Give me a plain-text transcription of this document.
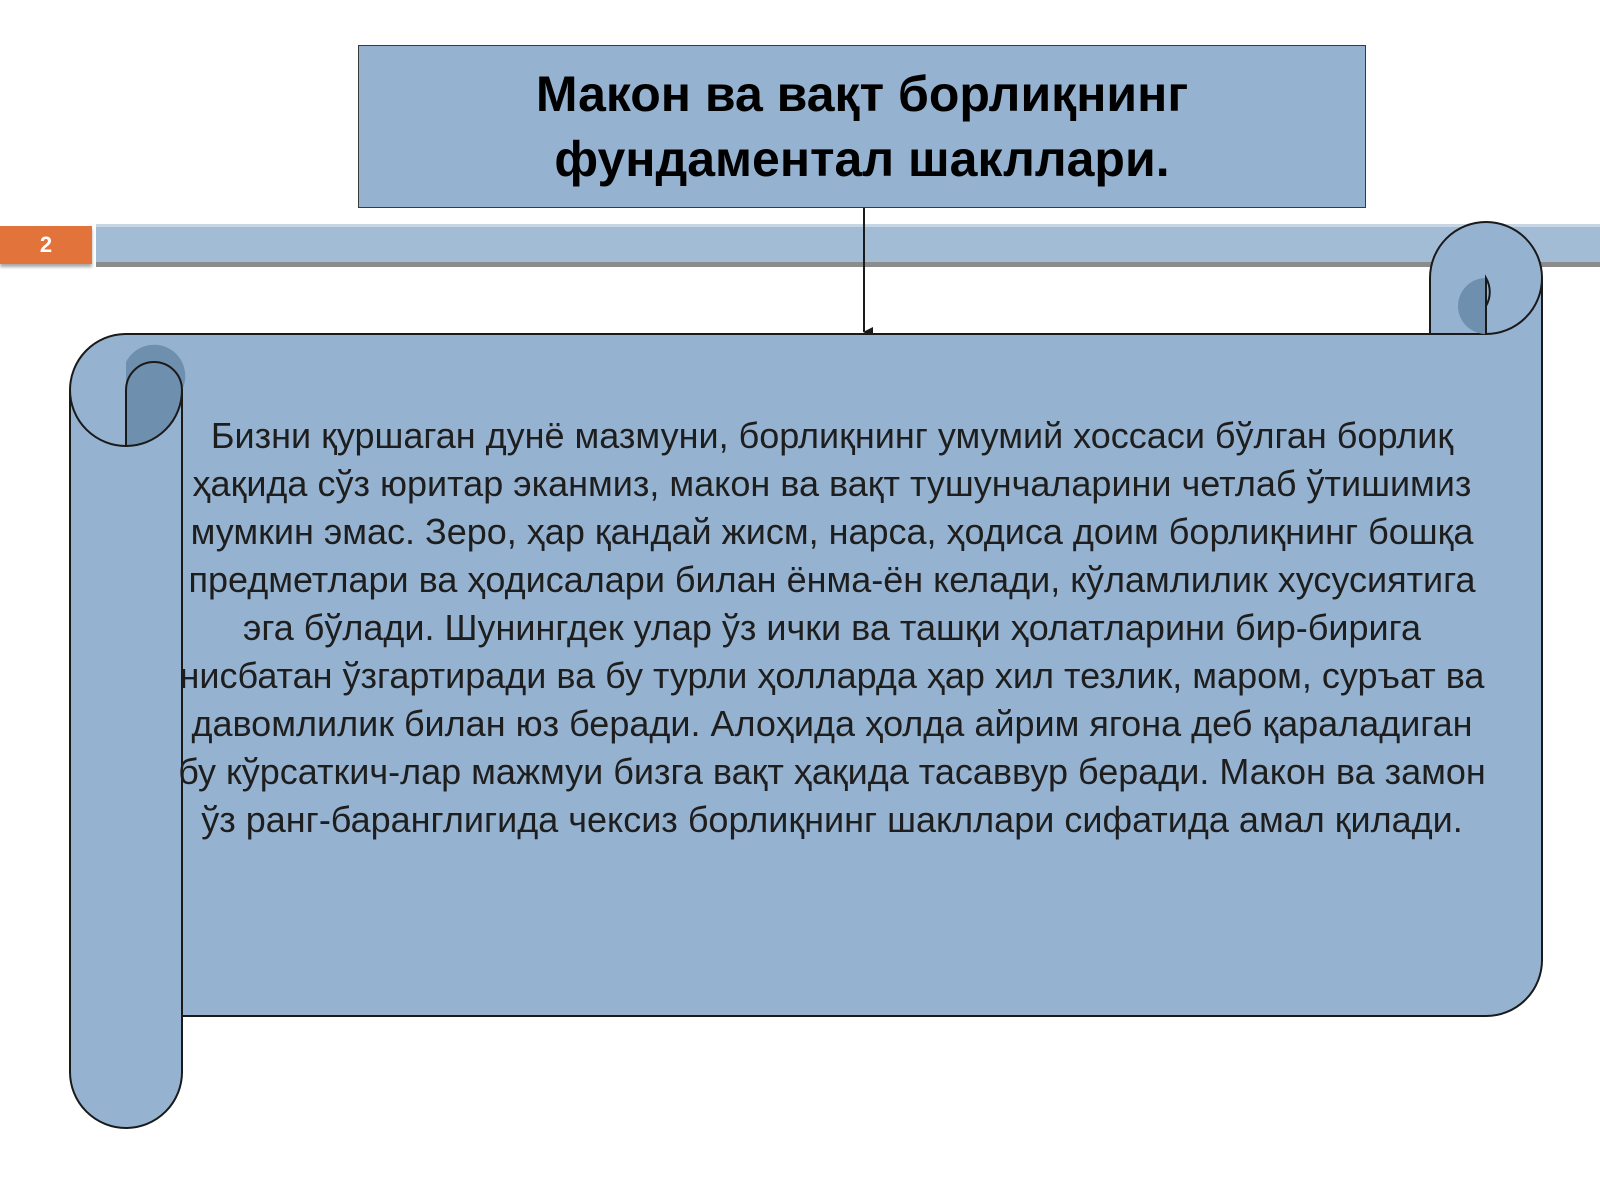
2
Макон ва вақт борлиқнинг
фундаментал шакллари.

Бизни қуршаган дунё мазмуни, борлиқнинг умумий хоссаси бўлган борлиқ ҳақида сўз юритар эканмиз, макон ва вақт тушунчаларини четлаб ўтишимиз мумкин эмас. Зеро, ҳар қандай жисм, нарса, ҳодиса доим борлиқнинг бошқа предметлари ва ҳодисалари билан ёнма-ён келади, кўламлилик хусусиятига эга бўлади. Шунингдек улар ўз ички ва ташқи ҳолатларини бир-бирига нисбатан ўзгартиради ва бу турли ҳолларда ҳар хил тезлик, маром, суръат ва давомлилик билан юз беради. Алоҳида ҳолда айрим ягона деб қараладиган бу кўрсаткич-лар мажмуи бизга вақт ҳақида тасаввур беради. Макон ва замон ўз ранг-баранглигида чексиз борлиқнинг шакллари сифатида амал қилади.
